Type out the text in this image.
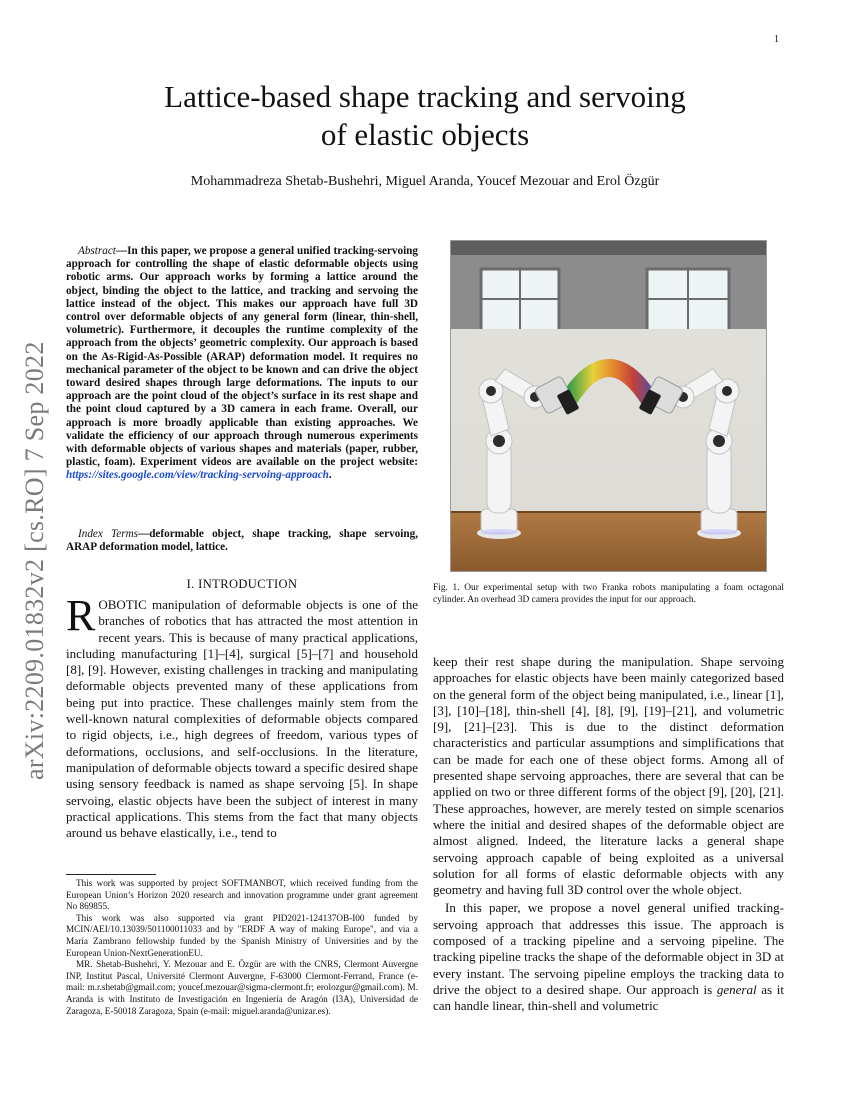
1
arXiv:2209.01832v2 [cs.RO] 7 Sep 2022
Lattice-based shape tracking and servoing
of elastic objects
Mohammadreza Shetab-Bushehri, Miguel Aranda, Youcef Mezouar and Erol Özgür

Abstract—In this paper, we propose a general unified tracking-servoing approach for controlling the shape of elastic deformable objects using robotic arms. Our approach works by forming a lattice around the object, binding the object to the lattice, and tracking and servoing the lattice instead of the object. This makes our approach have full 3D control over deformable objects of any general form (linear, thin-shell, volumetric). Furthermore, it decouples the runtime complexity of the approach from the objects’ geometric complexity. Our approach is based on the As-Rigid-As-Possible (ARAP) deformation model. It requires no mechanical parameter of the object to be known and can drive the object toward desired shapes through large deformations. The inputs to our approach are the point cloud of the object’s surface in its rest shape and the point cloud captured by a 3D camera in each frame. Overall, our approach is more broadly applicable than existing approaches. We validate the efficiency of our approach through numerous experiments with deformable objects of various shapes and materials (paper, rubber, plastic, foam). Experiment videos are available on the project website: https://sites.google.com/view/tracking-servoing-approach.

Index Terms—deformable object, shape tracking, shape servoing, ARAP deformation model, lattice.

I. INTRODUCTION

ROBOTIC manipulation of deformable objects is one of the branches of robotics that has attracted the most attention in recent years. This is because of many practical applications, including manufacturing [1]–[4], surgical [5]–[7] and household [8], [9]. However, existing challenges in tracking and manipulating deformable objects prevented many of these applications from being put into practice. These challenges mainly stem from the well-known natural complexities of deformable objects compared to rigid objects, i.e., high degrees of freedom, various types of deformations, occlusions, and self-occlusions. In the literature, manipulation of deformable objects toward a specific desired shape using sensory feedback is named as shape servoing [5]. In shape servoing, elastic objects have been the subject of interest in many practical applications. This stems from the fact that many objects around us behave elastically, i.e., tend to

This work was supported by project SOFTMANBOT, which received funding from the European Union’s Horizon 2020 research and innovation programme under grant agreement No 869855.

This work was also supported via grant PID2021-124137OB-I00 funded by MCIN/AEI/10.13039/501100011033 and by "ERDF A way of making Europe", and via a María Zambrano fellowship funded by the Spanish Ministry of Universities and by the European Union-NextGenerationEU.

MR. Shetab-Bushehri, Y. Mezouar and E. Özgür are with the CNRS, Clermont Auvergne INP, Institut Pascal, Université Clermont Auvergne, F-63000 Clermont-Ferrand, France (e-mail: m.r.shetab@gmail.com; youcef.mezouar@sigma-clermont.fr; erolozgur@gmail.com). M. Aranda is with Instituto de Investigación en Ingeniería de Aragón (I3A), Universidad de Zaragoza, E-50018 Zaragoza, Spain (e-mail: miguel.aranda@unizar.es).

Fig. 1. Our experimental setup with two Franka robots manipulating a foam octagonal cylinder. An overhead 3D camera provides the input for our approach.

keep their rest shape during the manipulation. Shape servoing approaches for elastic objects have been mainly categorized based on the general form of the object being manipulated, i.e., linear [1], [3], [10]–[18], thin-shell [4], [8], [9], [19]–[21], and volumetric [9], [21]–[23]. This is due to the distinct deformation characteristics and particular assumptions and simplifications that can be made for each one of these object forms. Among all of presented shape servoing approaches, there are several that can be applied on two or three different forms of the object [9], [20], [21]. These approaches, however, are merely tested on simple scenarios where the initial and desired shapes of the deformable object are almost aligned. Indeed, the literature lacks a general shape servoing approach capable of being exploited as a universal solution for all forms of elastic deformable objects with any geometry and having full 3D control over the whole object.

In this paper, we propose a novel general unified tracking-servoing approach that addresses this issue. The approach is composed of a tracking pipeline and a servoing pipeline. The tracking pipeline tracks the shape of the deformable object in 3D at every instant. The servoing pipeline employs the tracking data to drive the object to a desired shape. Our approach is general as it can handle linear, thin-shell and volumetric
